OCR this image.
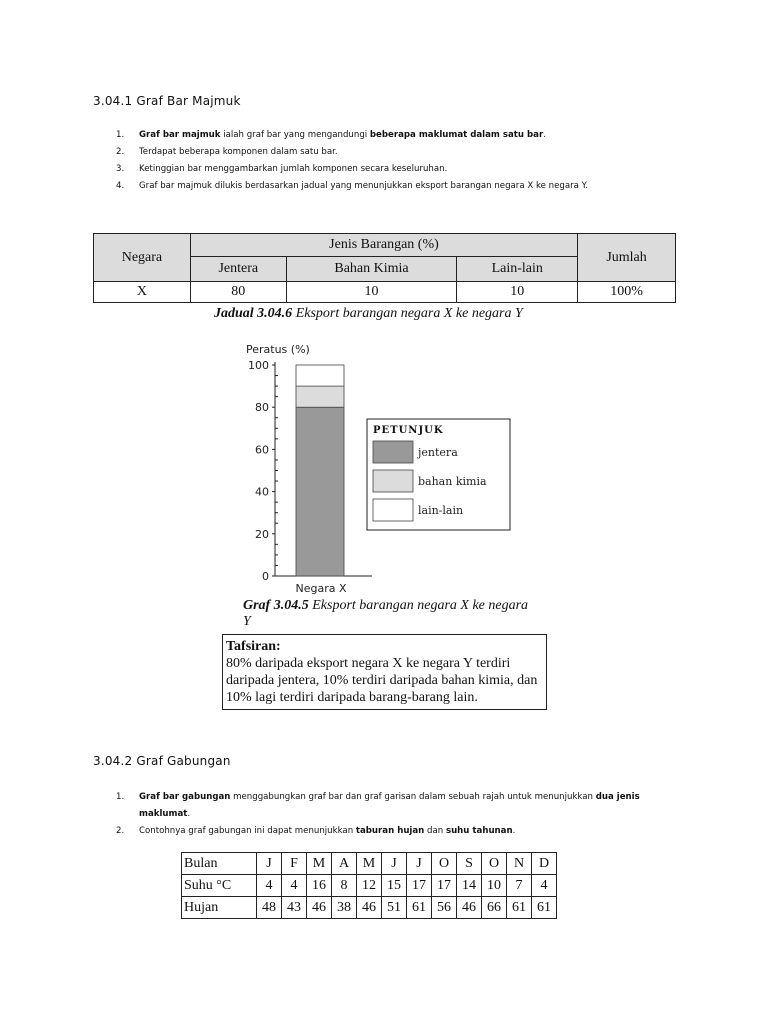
3.04.1 Graf Bar Majmuk
1. Graf bar majmuk ialah graf bar yang mengandungi beberapa maklumat dalam satu bar.
2. Terdapat beberapa komponen dalam satu bar.
3. Ketinggian bar menggambarkan jumlah komponen secara keseluruhan.
4. Graf bar majmuk dilukis berdasarkan jadual yang menunjukkan eksport barangan negara X ke negara Y.
Negara	Jenis Barangan (%)			Jumlah
	Jentera	Bahan Kimia	Lain-lain	
X	80	10	10	100%
Jadual 3.04.6 Eksport barangan negara X ke negara Y
Peratus (%)
0
20
40
60
80
100
Negara X
PETUNJUK
jentera
bahan kimia
lain-lain
Graf 3.04.5 Eksport barangan negara X ke negara Y
Tafsiran:
80% daripada eksport negara X ke negara Y terdiri daripada jentera, 10% terdiri daripada bahan kimia, dan 10% lagi terdiri daripada barang-barang lain.
3.04.2 Graf Gabungan
1. Graf bar gabungan menggabungkan graf bar dan graf garisan dalam sebuah rajah untuk menunjukkan dua jenis maklumat.
2. Contohnya graf gabungan ini dapat menunjukkan taburan hujan dan suhu tahunan.
Bulan	J	F	M	A	M	J	J	O	S	O	N	D
Suhu °C	4	4	16	8	12	15	17	17	14	10	7	4
Hujan	48	43	46	38	46	51	61	56	46	66	61	61
